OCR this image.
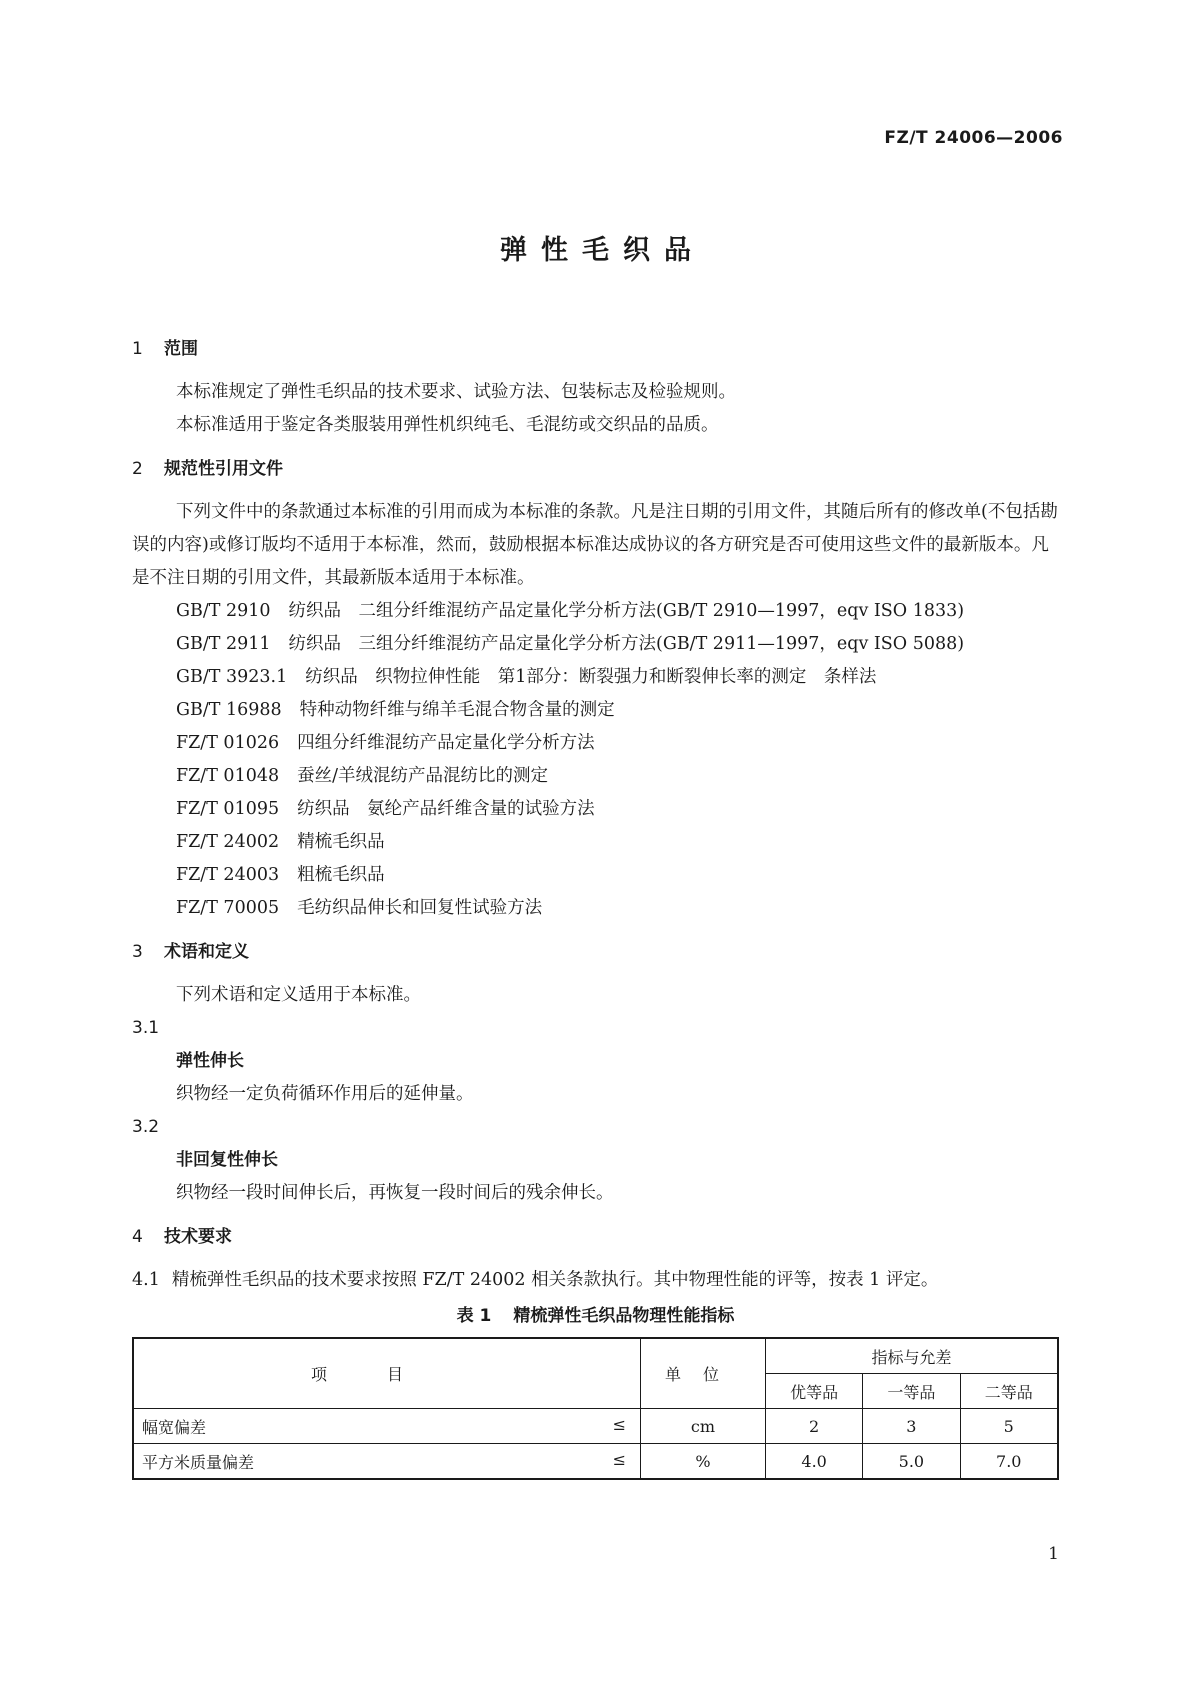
FZ/T 24006—2006
弹性毛织品
1 范围
本标准规定了弹性毛织品的技术要求、试验方法、包装标志及检验规则。
本标准适用于鉴定各类服装用弹性机织纯毛、毛混纺或交织品的品质。
2 规范性引用文件
下列文件中的条款通过本标准的引用而成为本标准的条款。凡是注日期的引用文件，其随后所有的修改单(不包括勘误的内容)或修订版均不适用于本标准，然而，鼓励根据本标准达成协议的各方研究是否可使用这些文件的最新版本。凡是不注日期的引用文件，其最新版本适用于本标准。
GB/T 2910 纺织品　二组分纤维混纺产品定量化学分析方法(GB/T 2910—1997，eqv ISO 1833)
GB/T 2911 纺织品　三组分纤维混纺产品定量化学分析方法(GB/T 2911—1997，eqv ISO 5088)
GB/T 3923.1 纺织品　织物拉伸性能　第1部分：断裂强力和断裂伸长率的测定　条样法
GB/T 16988 特种动物纤维与绵羊毛混合物含量的测定
FZ/T 01026 四组分纤维混纺产品定量化学分析方法
FZ/T 01048 蚕丝/羊绒混纺产品混纺比的测定
FZ/T 01095 纺织品　氨纶产品纤维含量的试验方法
FZ/T 24002 精梳毛织品
FZ/T 24003 粗梳毛织品
FZ/T 70005 毛纺织品伸长和回复性试验方法
3 术语和定义
下列术语和定义适用于本标准。
3.1
弹性伸长
织物经一定负荷循环作用后的延伸量。
3.2
非回复性伸长
织物经一段时间伸长后，再恢复一段时间后的残余伸长。
4 技术要求
4.1 精梳弹性毛织品的技术要求按照 FZ/T 24002 相关条款执行。其中物理性能的评等，按表 1 评定。
表 1 精梳弹性毛织品物理性能指标
项目	单位	指标与允差		
		优等品	一等品	二等品
幅宽偏差 ≤	cm	2	3	5
平方米质量偏差 ≤	%	4.0	5.0	7.0
1
